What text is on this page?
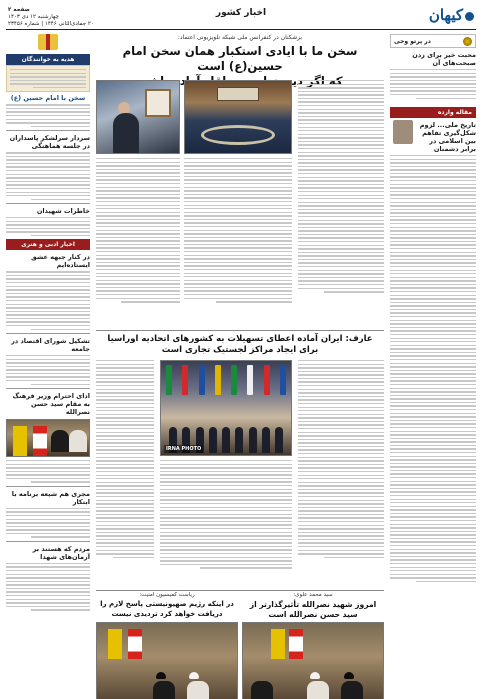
کیهان
اخبار کشور
صفحه ۲
چهارشنبه ۱۲ دی ۱۴۰۳
۲۰ جمادی‌الثانی ۱۴۴۶ | شماره ۲۳۴۵۶
در پرتو وحی
محبت خیر برای زدن صبحت‌های آن
مقاله وارده
تاریخ ملی... لزوم شکل‌گیری تفاهم بین اسلامی در برابر دشمنان
هدیه به خوانندگان
سخن با امام حسین (ع)
سردار سرلشکر پاسداران در جلسه هماهنگی
خاطرات شهیدان
اخبار ادبی و هنری
در کنار جبهه عشق ایستاده‌ایم
تشکیل شورای اقتصاد در جامعه
ادای احترام وزیر فرهنگ به مقام سید حسن نصرالله
مجری هم شیعه برنامه با ابتکار
مردم که هستند بر آرمان‌های شهدا
برشکنان در کنفرانس ملی شبکه تلویزیونی اعتماد:
سخن ما با ایادی استکبار همان سخن امام حسین(ع) است
دین
عارف: ایران آماده اعطای تسهیلات به کشورهای اتحادیه اوراسیا
برای ایجاد مراکز لجستیک تجاری است
IRNA PHOTO
سید محمد علوی:
امروز شهید نصرالله تأثیرگذارتر از سید حسن نصرالله است
ریاست کمیسیون امنیت:
در اینکه رژیم صهیونیستی پاسخ لازم را دریافت خواهد کرد تردیدی نیست
